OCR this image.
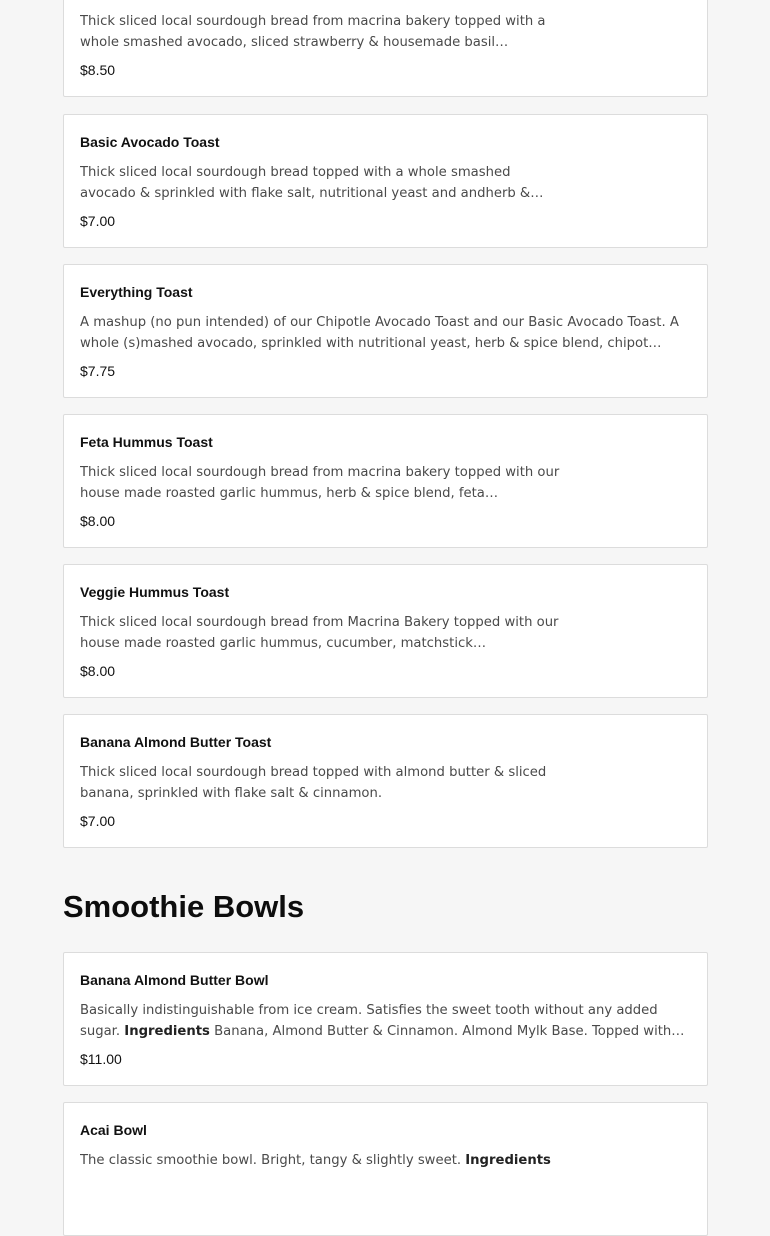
Thick sliced local sourdough bread from macrina bakery topped with a whole smashed avocado, sliced strawberry & housemade basil…
$8.50
Basic Avocado Toast
Thick sliced local sourdough bread topped with a whole smashed avocado & sprinkled with flake salt, nutritional yeast and andherb &…
$7.00
Everything Toast
A mashup (no pun intended) of our Chipotle Avocado Toast and our Basic Avocado Toast. A whole (s)mashed avocado, sprinkled with nutritional yeast, herb & spice blend, chipot…
$7.75
Feta Hummus Toast
Thick sliced local sourdough bread from macrina bakery topped with our house made roasted garlic hummus, herb & spice blend, feta…
$8.00
Veggie Hummus Toast
Thick sliced local sourdough bread from Macrina Bakery topped with our house made roasted garlic hummus, cucumber, matchstick…
$8.00
Banana Almond Butter Toast
Thick sliced local sourdough bread topped with almond butter & sliced banana, sprinkled with flake salt & cinnamon.
$7.00
Smoothie Bowls
Banana Almond Butter Bowl
Basically indistinguishable from ice cream. Satisfies the sweet tooth without any added sugar. Ingredients Banana, Almond Butter & Cinnamon. Almond Mylk Base. Topped with…
$11.00
Acai Bowl
The classic smoothie bowl. Bright, tangy & slightly sweet. Ingredients
